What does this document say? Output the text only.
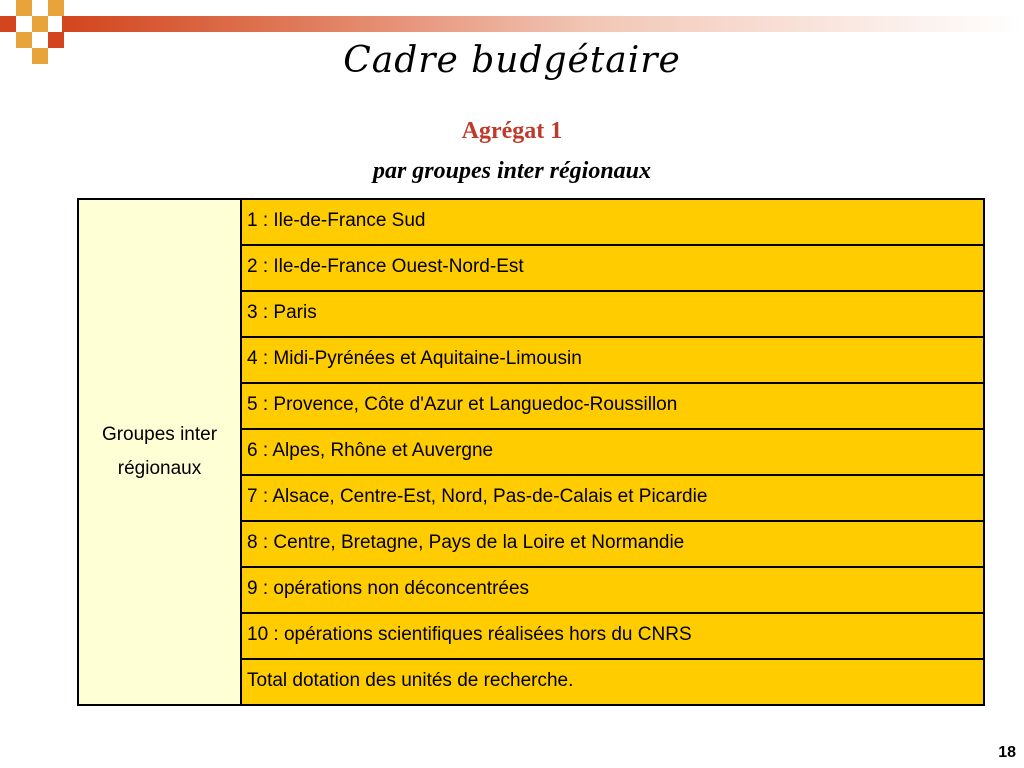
Cadre budgétaire
Agrégat 1
par groupes inter régionaux
Groupes inter régionaux	1 : Ile-de-France Sud
2 : Ile-de-France Ouest-Nord-Est
3 : Paris
4 : Midi-Pyrénées et Aquitaine-Limousin
5 : Provence, Côte d'Azur et Languedoc-Roussillon
6 : Alpes, Rhône et Auvergne
7 : Alsace, Centre-Est, Nord, Pas-de-Calais et Picardie
8 : Centre, Bretagne, Pays de la Loire et Normandie
9 : opérations non déconcentrées
10 : opérations scientifiques réalisées hors du CNRS
Total dotation des unités de recherche.
18
